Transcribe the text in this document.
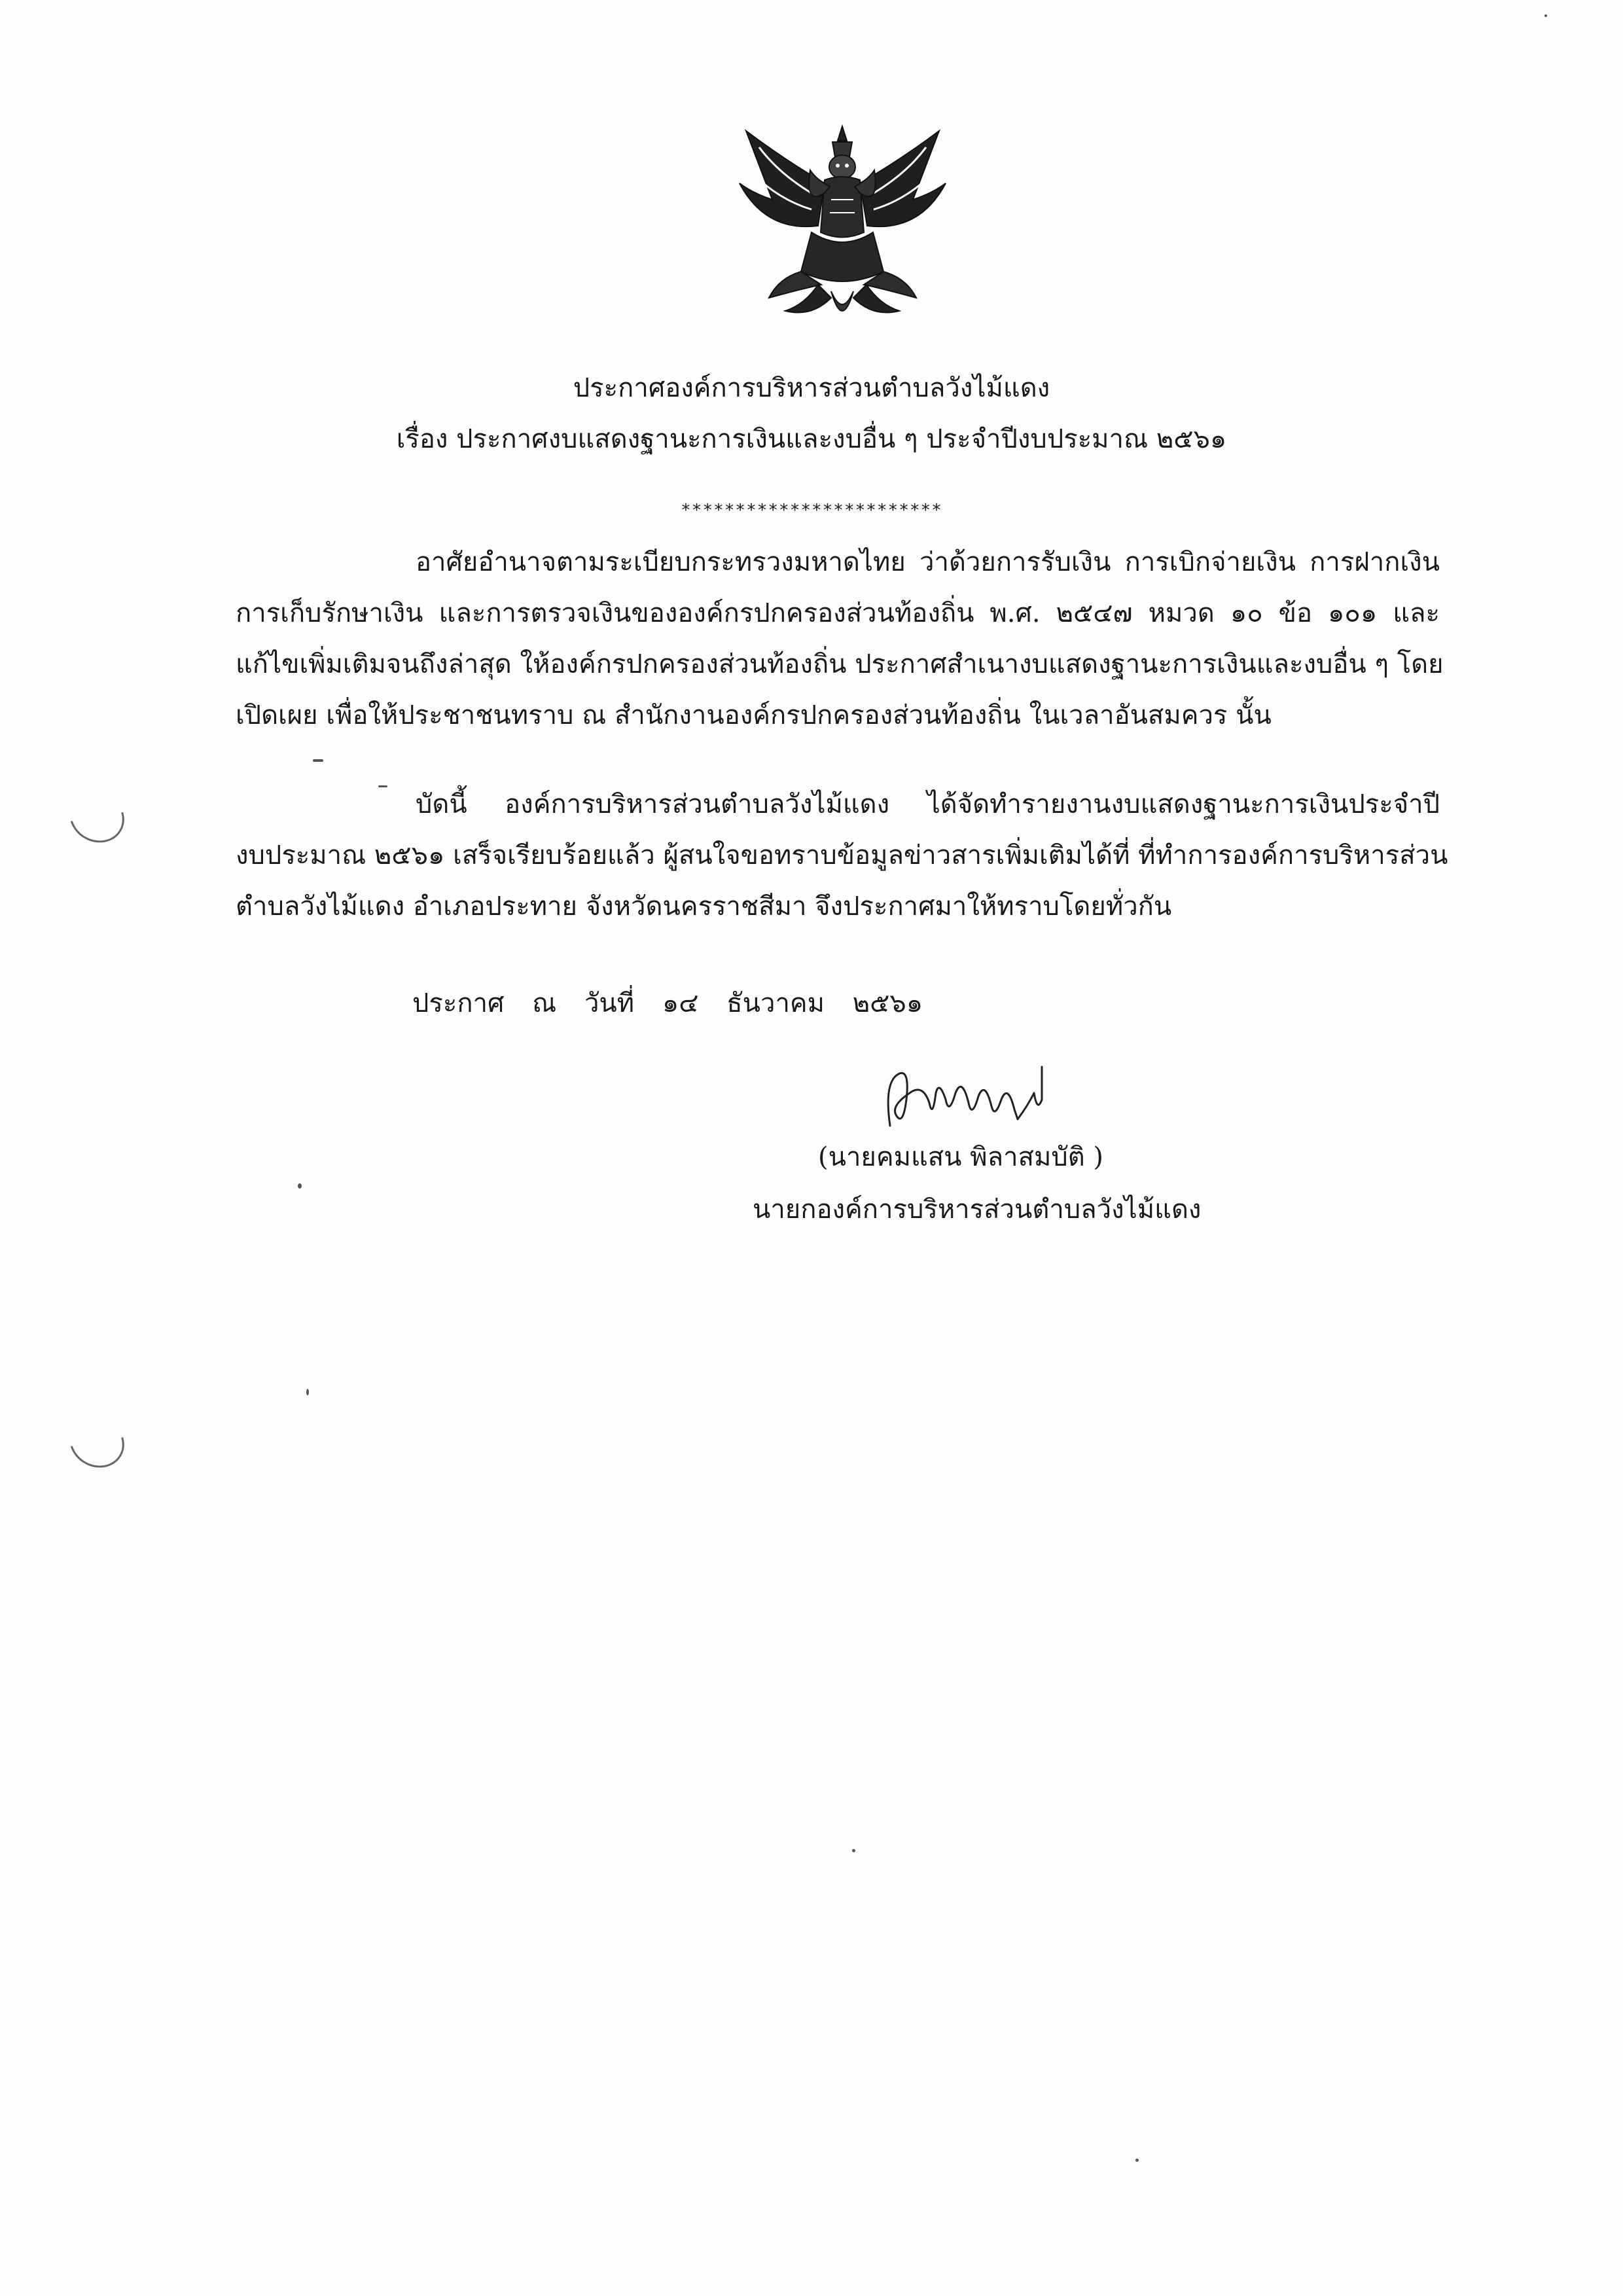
ประกาศองค์การบริหารส่วนตำบลวังไม้แดง
เรื่อง ประกาศงบแสดงฐานะการเงินและงบอื่น ๆ ประจำปีงบประมาณ ๒๕๖๑
************************
อาศัยอำนาจตามระเบียบกระทรวงมหาดไทย ว่าด้วยการรับเงิน การเบิกจ่ายเงิน การฝากเงิน
การเก็บรักษาเงิน และการตรวจเงินขององค์กรปกครองส่วนท้องถิ่น พ.ศ. ๒๕๔๗ หมวด ๑๐ ข้อ ๑๐๑ และ
แก้ไขเพิ่มเติมจนถึงล่าสุด ให้องค์กรปกครองส่วนท้องถิ่น ประกาศสำเนางบแสดงฐานะการเงินและงบอื่น ๆ โดย
เปิดเผย เพื่อให้ประชาชนทราบ ณ สำนักงานองค์กรปกครองส่วนท้องถิ่น ในเวลาอันสมควร นั้น
บัดนี้ องค์การบริหารส่วนตำบลวังไม้แดง ได้จัดทำรายงานงบแสดงฐานะการเงินประจำปี
งบประมาณ ๒๕๖๑ เสร็จเรียบร้อยแล้ว ผู้สนใจขอทราบข้อมูลข่าวสารเพิ่มเติมได้ที่ ที่ทำการองค์การบริหารส่วน
ตำบลวังไม้แดง อำเภอประทาย จังหวัดนครราชสีมา จึงประกาศมาให้ทราบโดยทั่วกัน
ประกาศ ณ วันที่ ๑๔ ธันวาคม ๒๕๖๑
(นายคมแสน พิลาสมบัติ )
นายกองค์การบริหารส่วนตำบลวังไม้แดง
